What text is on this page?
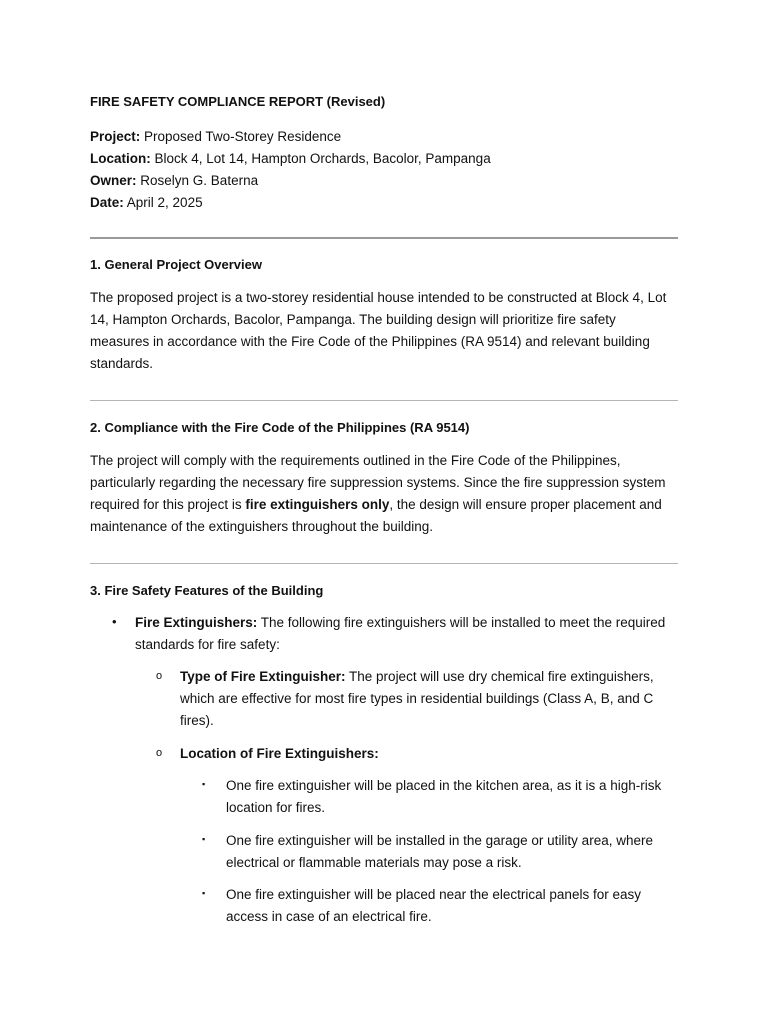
FIRE SAFETY COMPLIANCE REPORT (Revised)
Project: Proposed Two-Storey Residence
Location: Block 4, Lot 14, Hampton Orchards, Bacolor, Pampanga
Owner: Roselyn G. Baterna
Date: April 2, 2025
1. General Project Overview
The proposed project is a two-storey residential house intended to be constructed at Block 4, Lot 14, Hampton Orchards, Bacolor, Pampanga. The building design will prioritize fire safety measures in accordance with the Fire Code of the Philippines (RA 9514) and relevant building standards.
2. Compliance with the Fire Code of the Philippines (RA 9514)
The project will comply with the requirements outlined in the Fire Code of the Philippines, particularly regarding the necessary fire suppression systems. Since the fire suppression system required for this project is fire extinguishers only, the design will ensure proper placement and maintenance of the extinguishers throughout the building.
3. Fire Safety Features of the Building
• Fire Extinguishers: The following fire extinguishers will be installed to meet the required standards for fire safety:
o Type of Fire Extinguisher: The project will use dry chemical fire extinguishers, which are effective for most fire types in residential buildings (Class A, B, and C fires).
o Location of Fire Extinguishers:
▪ One fire extinguisher will be placed in the kitchen area, as it is a high-risk location for fires.
▪ One fire extinguisher will be installed in the garage or utility area, where electrical or flammable materials may pose a risk.
▪ One fire extinguisher will be placed near the electrical panels for easy access in case of an electrical fire.
